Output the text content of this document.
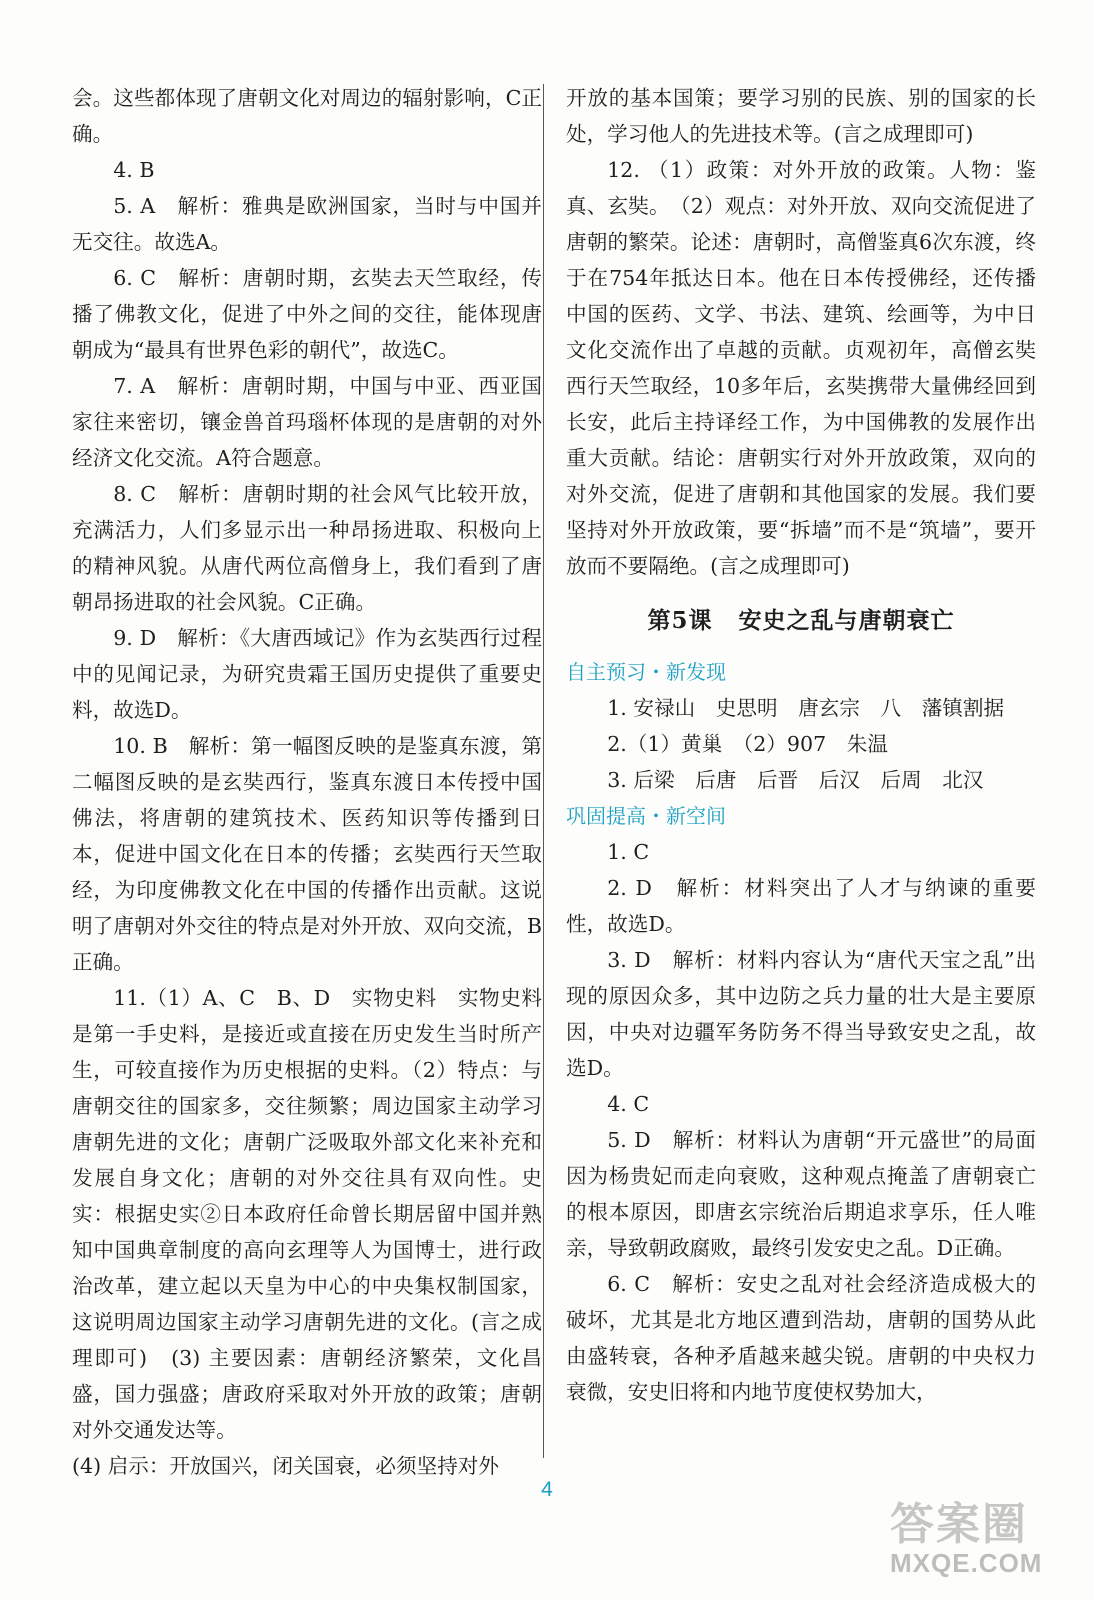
会。这些都体现了唐朝文化对周边的辐射影响，C正确。

4. B

5. A　解析：雅典是欧洲国家，当时与中国并无交往。故选A。

6. C　解析：唐朝时期，玄奘去天竺取经，传播了佛教文化，促进了中外之间的交往，能体现唐朝成为“最具有世界色彩的朝代”，故选C。

7. A　解析：唐朝时期，中国与中亚、西亚国家往来密切，镶金兽首玛瑙杯体现的是唐朝的对外经济文化交流。A符合题意。

8. C　解析：唐朝时期的社会风气比较开放，充满活力，人们多显示出一种昂扬进取、积极向上的精神风貌。从唐代两位高僧身上，我们看到了唐朝昂扬进取的社会风貌。C正确。

9. D　解析：《大唐西域记》作为玄奘西行过程中的见闻记录，为研究贵霜王国历史提供了重要史料，故选D。

10. B　解析：第一幅图反映的是鉴真东渡，第二幅图反映的是玄奘西行，鉴真东渡日本传授中国佛法，将唐朝的建筑技术、医药知识等传播到日本，促进中国文化在日本的传播；玄奘西行天竺取经，为印度佛教文化在中国的传播作出贡献。这说明了唐朝对外交往的特点是对外开放、双向交流，B正确。

11.（1）A、C　B、D　实物史料　实物史料是第一手史料，是接近或直接在历史发生当时所产生，可较直接作为历史根据的史料。（2）特点：与唐朝交往的国家多，交往频繁；周边国家主动学习唐朝先进的文化；唐朝广泛吸取外部文化来补充和发展自身文化；唐朝的对外交往具有双向性。史实：根据史实②日本政府任命曾长期居留中国并熟知中国典章制度的高向玄理等人为国博士，进行政治改革，建立起以天皇为中心的中央集权制国家，这说明周边国家主动学习唐朝先进的文化。(言之成理即可)　(3) 主要因素：唐朝经济繁荣，文化昌盛，国力强盛；唐政府采取对外开放的政策；唐朝对外交通发达等。

(4) 启示：开放国兴，闭关国衰，必须坚持对外

开放的基本国策；要学习别的民族、别的国家的长处，学习他人的先进技术等。(言之成理即可)

12. （1）政策：对外开放的政策。人物：鉴真、玄奘。　（2）观点：对外开放、双向交流促进了唐朝的繁荣。论述：唐朝时，高僧鉴真6次东渡，终于在754年抵达日本。他在日本传授佛经，还传播中国的医药、文学、书法、建筑、绘画等，为中日文化交流作出了卓越的贡献。贞观初年，高僧玄奘西行天竺取经，10多年后，玄奘携带大量佛经回到长安，此后主持译经工作，为中国佛教的发展作出重大贡献。结论：唐朝实行对外开放政策，双向的对外交流，促进了唐朝和其他国家的发展。我们要坚持对外开放政策，要“拆墙”而不是“筑墙”，要开放而不要隔绝。(言之成理即可)

第5课 安史之乱与唐朝衰亡

自主预习・新发现

1. 安禄山　史思明　唐玄宗　八　藩镇割据

2.（1）黄巢　（2）907　朱温

3. 后梁　后唐　后晋　后汉　后周　北汉

巩固提高・新空间

1. C

2. D　解析：材料突出了人才与纳谏的重要性，故选D。

3. D　解析：材料内容认为“唐代天宝之乱”出现的原因众多，其中边防之兵力量的壮大是主要原因，中央对边疆军务防务不得当导致安史之乱，故选D。

4. C

5. D　解析：材料认为唐朝“开元盛世”的局面因为杨贵妃而走向衰败，这种观点掩盖了唐朝衰亡的根本原因，即唐玄宗统治后期追求享乐，任人唯亲，导致朝政腐败，最终引发安史之乱。D正确。

6. C　解析：安史之乱对社会经济造成极大的破坏，尤其是北方地区遭到浩劫，唐朝的国势从此由盛转衰，各种矛盾越来越尖锐。唐朝的中央权力衰微，安史旧将和内地节度使权势加大，

4
答案圈
MXQE.COM
